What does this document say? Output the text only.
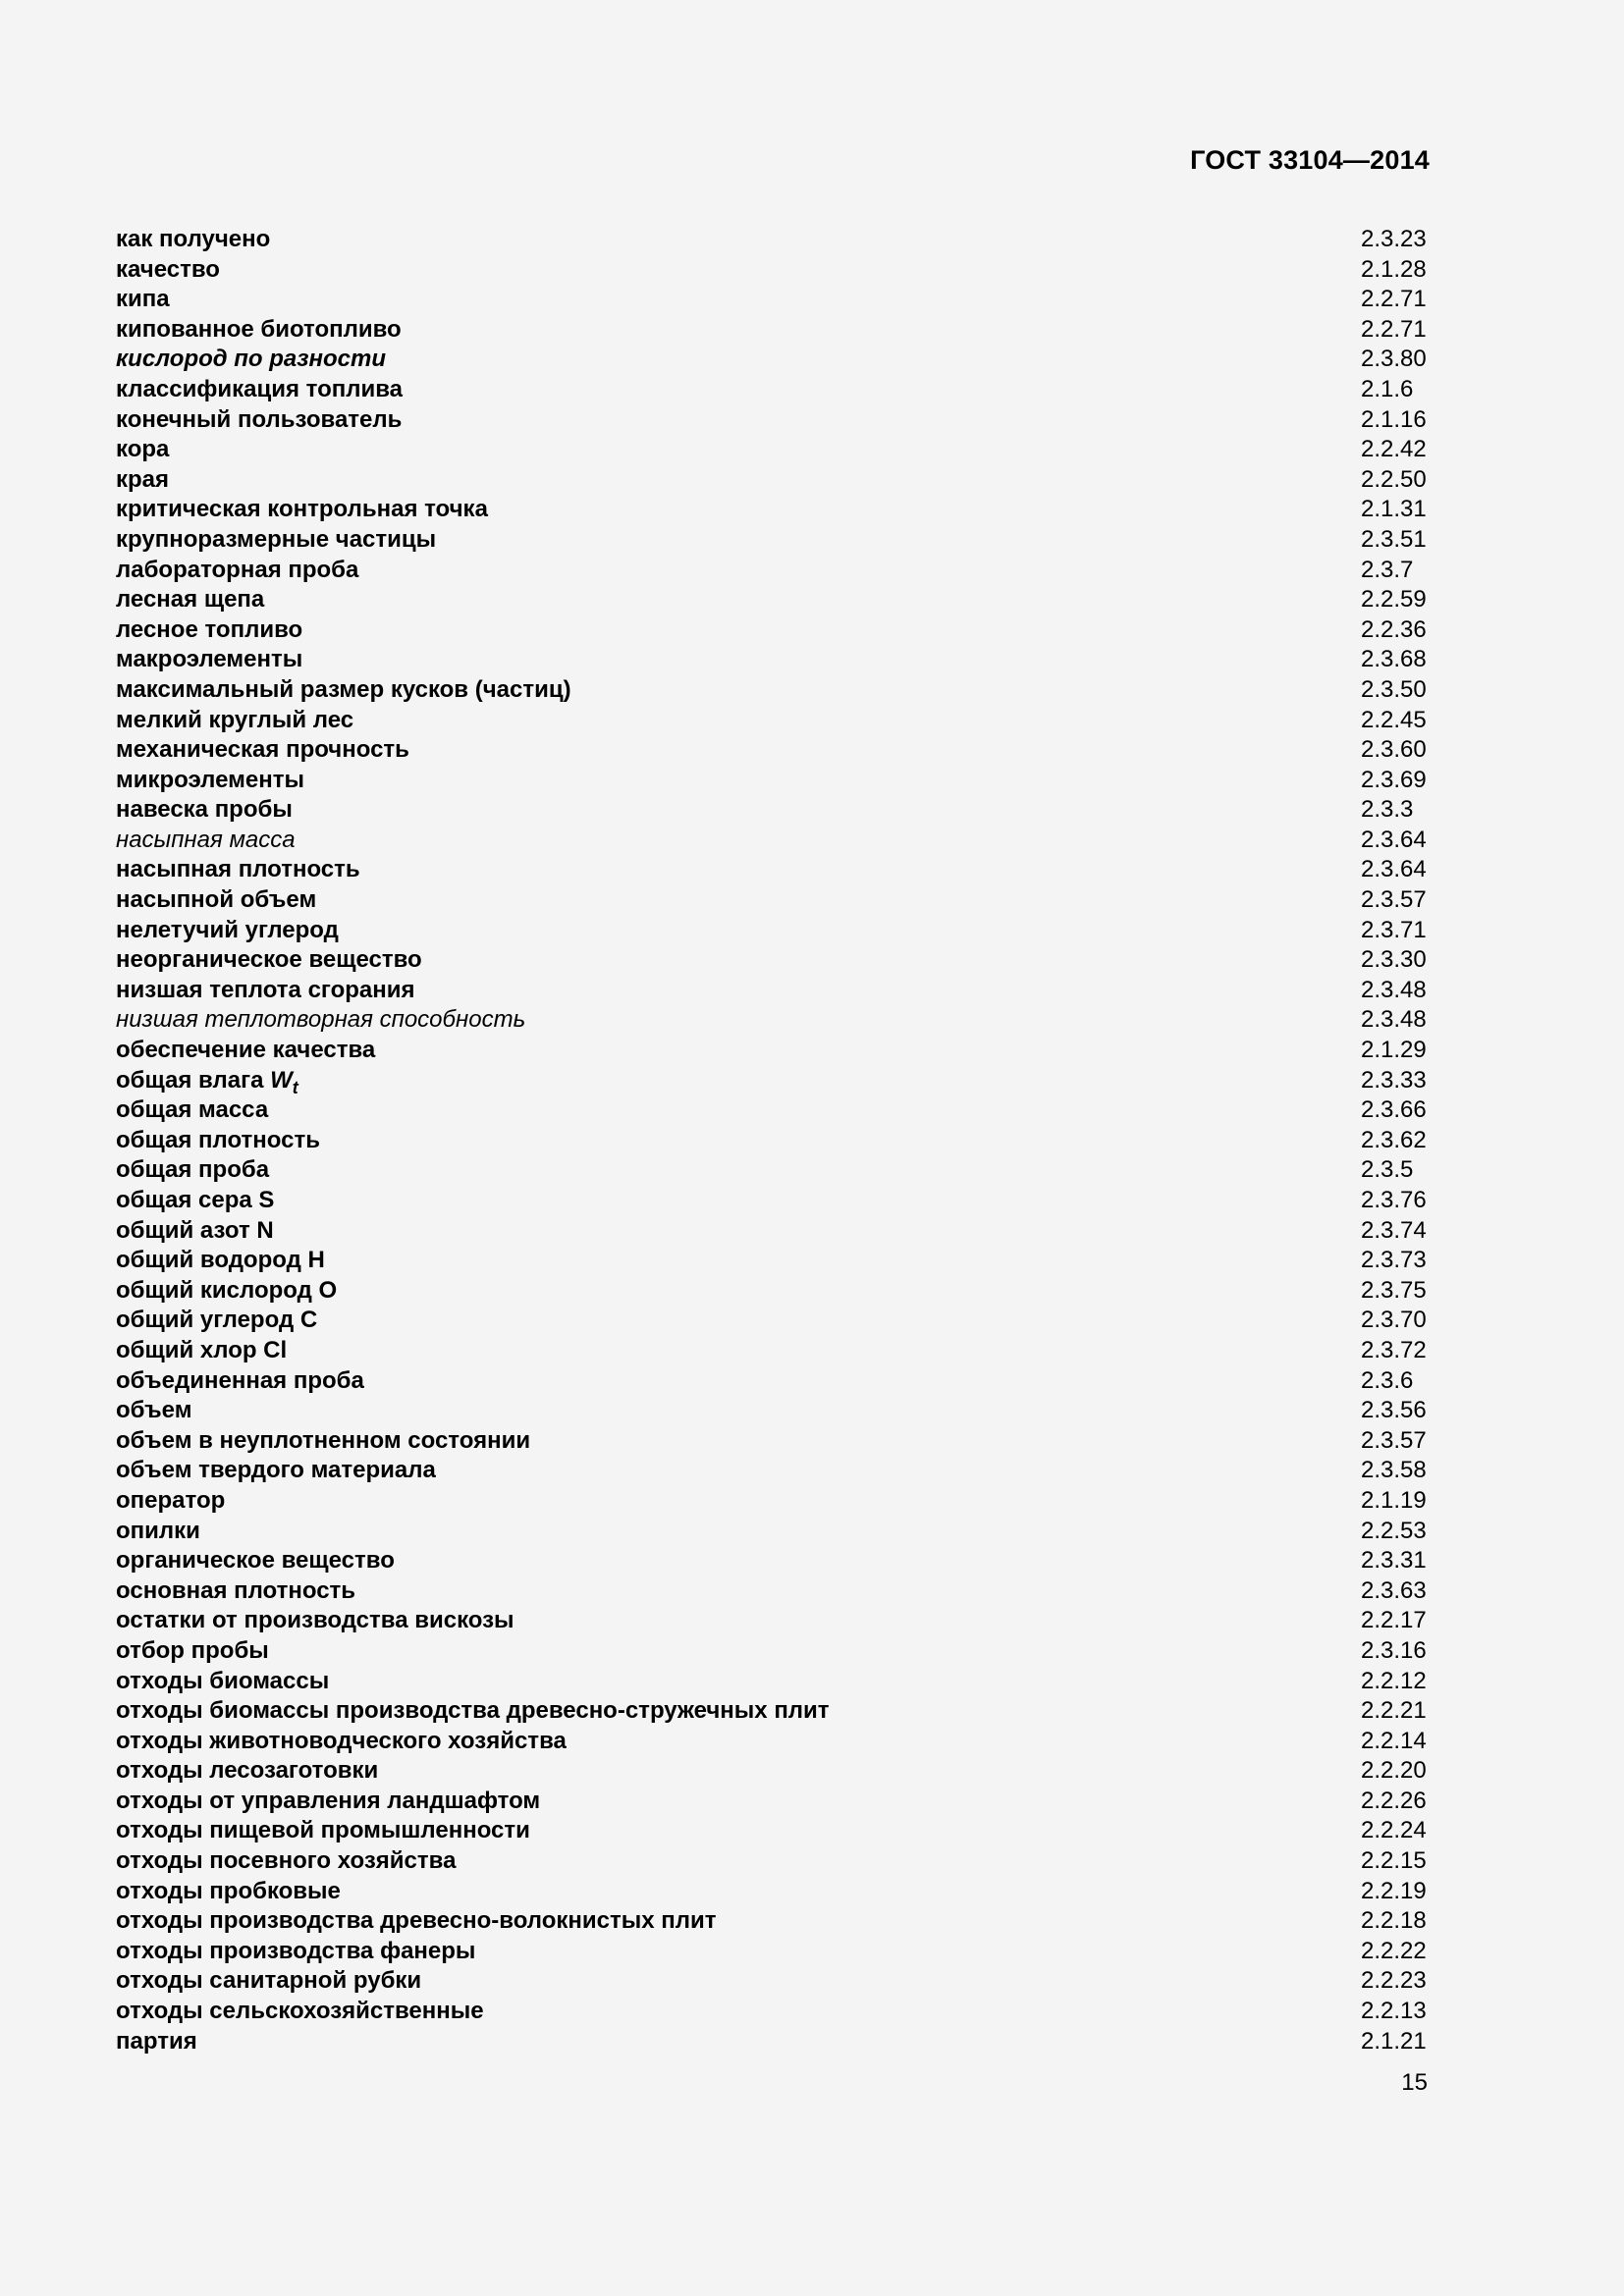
ГОСТ 33104—2014
как получено	2.3.23
качество	2.1.28
кипа	2.2.71
кипованное биотопливо	2.2.71
кислород по разности	2.3.80
классификация топлива	2.1.6
конечный пользователь	2.1.16
кора	2.2.42
края	2.2.50
критическая контрольная точка	2.1.31
крупноразмерные частицы	2.3.51
лабораторная проба	2.3.7
лесная щепа	2.2.59
лесное топливо	2.2.36
макроэлементы	2.3.68
максимальный размер кусков (частиц)	2.3.50
мелкий круглый лес	2.2.45
механическая прочность	2.3.60
микроэлементы	2.3.69
навеска пробы	2.3.3
насыпная масса	2.3.64
насыпная плотность	2.3.64
насыпной объем	2.3.57
нелетучий углерод	2.3.71
неорганическое вещество	2.3.30
низшая теплота сгорания	2.3.48
низшая теплотворная способность	2.3.48
обеспечение качества	2.1.29
общая влага $W_t$	2.3.33
общая масса	2.3.66
общая плотность	2.3.62
общая проба	2.3.5
общая сера S	2.3.76
общий азот N	2.3.74
общий водород H	2.3.73
общий кислород O	2.3.75
общий углерод C	2.3.70
общий хлор Cl	2.3.72
объединенная проба	2.3.6
объем	2.3.56
объем в неуплотненном состоянии	2.3.57
объем твердого материала	2.3.58
оператор	2.1.19
опилки	2.2.53
органическое вещество	2.3.31
основная плотность	2.3.63
остатки от производства вискозы	2.2.17
отбор пробы	2.3.16
отходы биомассы	2.2.12
отходы биомассы производства древесно-стружечных плит	2.2.21
отходы животноводческого хозяйства	2.2.14
отходы лесозаготовки	2.2.20
отходы от управления ландшафтом	2.2.26
отходы пищевой промышленности	2.2.24
отходы посевного хозяйства	2.2.15
отходы пробковые	2.2.19
отходы производства древесно-волокнистых плит	2.2.18
отходы производства фанеры	2.2.22
отходы санитарной рубки	2.2.23
отходы сельскохозяйственные	2.2.13
партия	2.1.21
15
